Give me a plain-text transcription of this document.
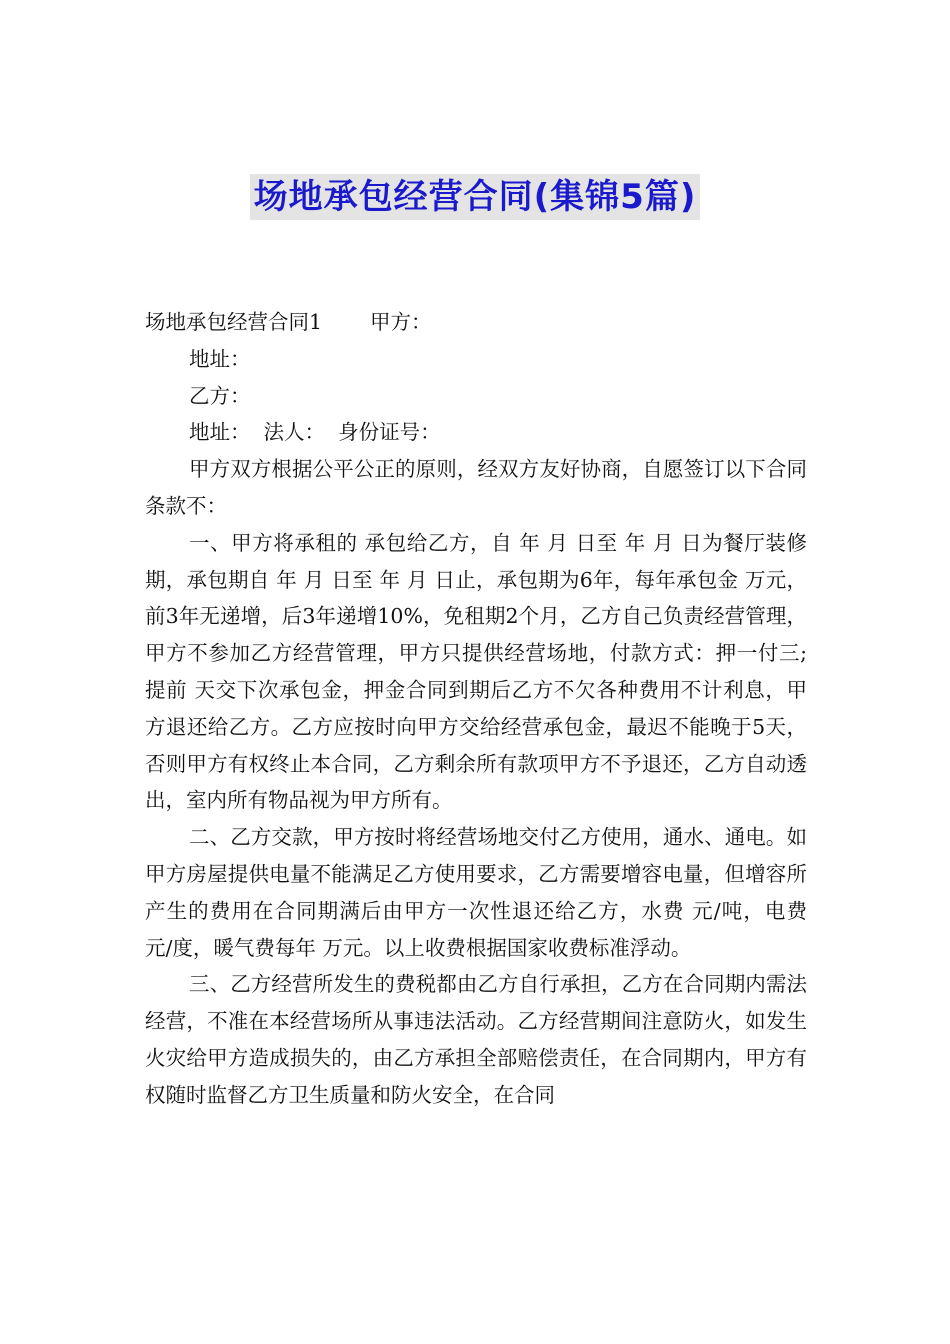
场地承包经营合同(集锦5篇)

场地承包经营合同1 甲方：

地址：

乙方：

地址：  法人：  身份证号：

甲方双方根据公平公正的原则，经双方友好协商，自愿签订以下合同条款不：

一、甲方将承租的 承包给乙方，自 年 月 日至 年 月 日为餐厅装修期，承包期自 年 月 日至 年 月 日止，承包期为6年，每年承包金 万元，前3年无递增，后3年递增10%，免租期2个月，乙方自己负责经营管理，甲方不参加乙方经营管理，甲方只提供经营场地，付款方式：押一付三;提前 天交下次承包金，押金合同到期后乙方不欠各种费用不计利息，甲方退还给乙方。乙方应按时向甲方交给经营承包金，最迟不能晚于5天，否则甲方有权终止本合同，乙方剩余所有款项甲方不予退还，乙方自动透出，室内所有物品视为甲方所有。

二、乙方交款，甲方按时将经营场地交付乙方使用，通水、通电。如甲方房屋提供电量不能满足乙方使用要求，乙方需要增容电量，但增容所产生的费用在合同期满后由甲方一次性退还给乙方，水费 元/吨，电费 元/度，暖气费每年 万元。以上收费根据国家收费标准浮动。

三、乙方经营所发生的费税都由乙方自行承担，乙方在合同期内需法经营，不准在本经营场所从事违法活动。乙方经营期间注意防火，如发生火灾给甲方造成损失的，由乙方承担全部赔偿责任，在合同期内，甲方有权随时监督乙方卫生质量和防火安全，在合同
